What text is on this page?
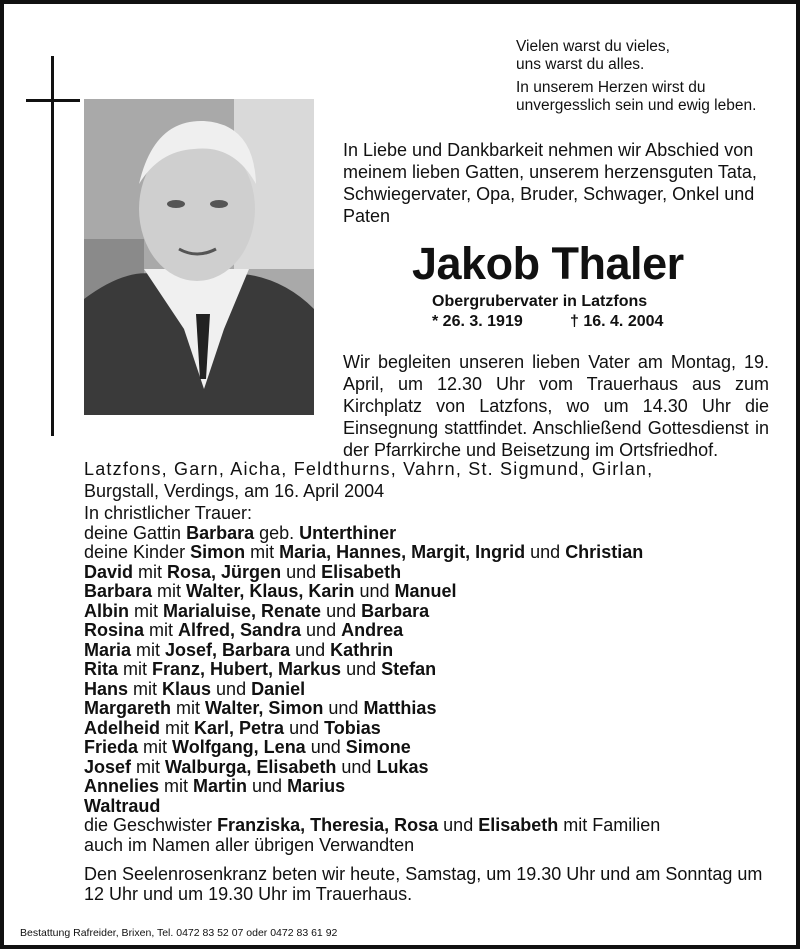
Vielen warst du vieles,

uns warst du alles.

In unserem Herzen wirst du

unvergesslich sein und ewig leben.

In Liebe und Dankbarkeit nehmen wir Abschied von meinem lieben Gatten, unserem herzensguten Tata, Schwiegervater, Opa, Bruder, Schwager, Onkel und Paten
Jakob Thaler
Obergrubervater in Latzfons
* 26. 3. 1919	† 16. 4. 2004
Wir begleiten unseren lieben Vater am Montag, 19. April, um 12.30 Uhr vom Trauerhaus aus zum Kirchplatz von Latzfons, wo um 14.30 Uhr die Einsegnung stattfindet. Anschließend Gottesdienst in der Pfarrkirche und Beisetzung im Ortsfriedhof.
Latzfons, Garn, Aicha, Feldthurns, Vahrn, St. Sigmund, Girlan,
Burgstall, Verdings, am 16. April 2004
In christlicher Trauer:
deine Gattin Barbara geb. Unterthiner
deine Kinder Simon mit Maria, Hannes, Margit, Ingrid und Christian
David mit Rosa, Jürgen und Elisabeth
Barbara mit Walter, Klaus, Karin und Manuel
Albin mit Marialuise, Renate und Barbara
Rosina mit Alfred, Sandra und Andrea
Maria mit Josef, Barbara und Kathrin
Rita mit Franz, Hubert, Markus und Stefan
Hans mit Klaus und Daniel
Margareth mit Walter, Simon und Matthias
Adelheid mit Karl, Petra und Tobias
Frieda mit Wolfgang, Lena und Simone
Josef mit Walburga, Elisabeth und Lukas
Annelies mit Martin und Marius
Waltraud
die Geschwister Franziska, Theresia, Rosa und Elisabeth mit Familien
auch im Namen aller übrigen Verwandten
Den Seelenrosenkranz beten wir heute, Samstag, um 19.30 Uhr und am Sonntag um 12 Uhr und um 19.30 Uhr im Trauerhaus.
Bestattung Rafreider, Brixen, Tel. 0472 83 52 07 oder 0472 83 61 92
